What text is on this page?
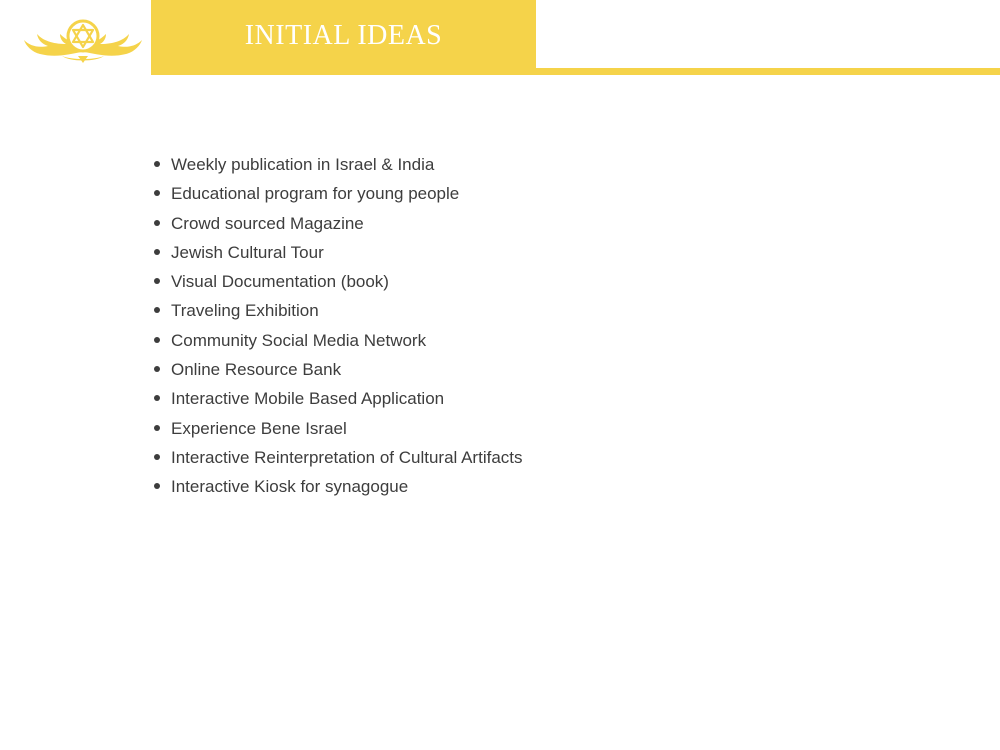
INITIAL IDEAS
Weekly publication in Israel & India
Educational program for young people
Crowd sourced Magazine
Jewish Cultural Tour
Visual Documentation (book)
Traveling Exhibition
Community Social Media Network
Online Resource Bank
Interactive Mobile Based Application
Experience Bene Israel
Interactive Reinterpretation of Cultural Artifacts
Interactive Kiosk for synagogue
